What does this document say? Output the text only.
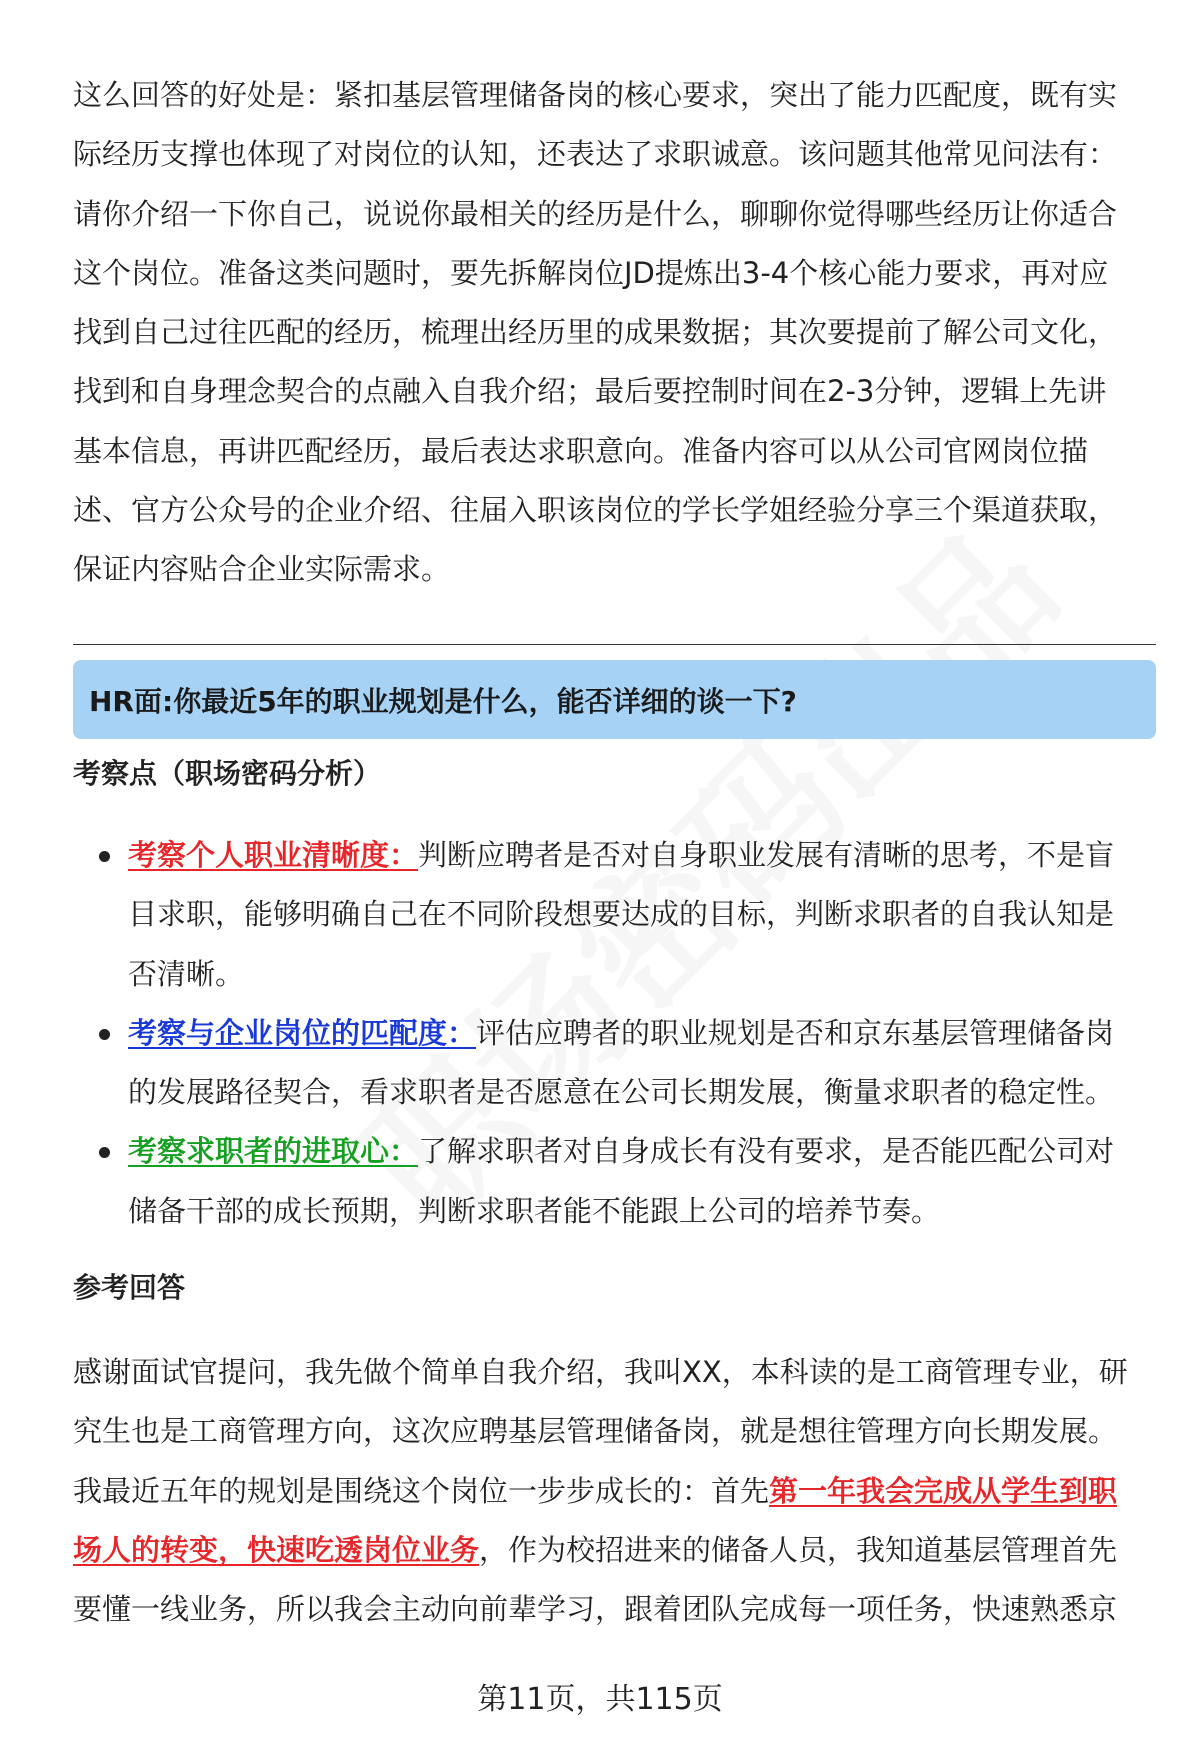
这么回答的好处是：紧扣基层管理储备岗的核心要求，突出了能力匹配度，既有实

际经历支撑也体现了对岗位的认知，还表达了求职诚意。该问题其他常见问法有：

请你介绍一下你自己，说说你最相关的经历是什么，聊聊你觉得哪些经历让你适合

这个岗位。准备这类问题时，要先拆解岗位JD提炼出3-4个核心能力要求，再对应

找到自己过往匹配的经历，梳理出经历里的成果数据；其次要提前了解公司文化，

找到和自身理念契合的点融入自我介绍；最后要控制时间在2-3分钟，逻辑上先讲

基本信息，再讲匹配经历，最后表达求职意向。准备内容可以从公司官网岗位描

述、官方公众号的企业介绍、往届入职该岗位的学长学姐经验分享三个渠道获取，

保证内容贴合企业实际需求。

HR面:你最近5年的职业规划是什么，能否详细的谈一下?
考察点（职场密码分析）
考察个人职业清晰度：判断应聘者是否对自身职业发展有清晰的思考，不是盲
目求职，能够明确自己在不同阶段想要达成的目标，判断求职者的自我认知是
否清晰。
考察与企业岗位的匹配度：评估应聘者的职业规划是否和京东基层管理储备岗
的发展路径契合，看求职者是否愿意在公司长期发展，衡量求职者的稳定性。
考察求职者的进取心：了解求职者对自身成长有没有要求，是否能匹配公司对
储备干部的成长预期，判断求职者能不能跟上公司的培养节奏。
参考回答

感谢面试官提问，我先做个简单自我介绍，我叫XX，本科读的是工商管理专业，研

究生也是工商管理方向，这次应聘基层管理储备岗，就是想往管理方向长期发展。

我最近五年的规划是围绕这个岗位一步步成长的：首先第一年我会完成从学生到职

场人的转变，快速吃透岗位业务，作为校招进来的储备人员，我知道基层管理首先

要懂一线业务，所以我会主动向前辈学习，跟着团队完成每一项任务，快速熟悉京

第11页，共115页
